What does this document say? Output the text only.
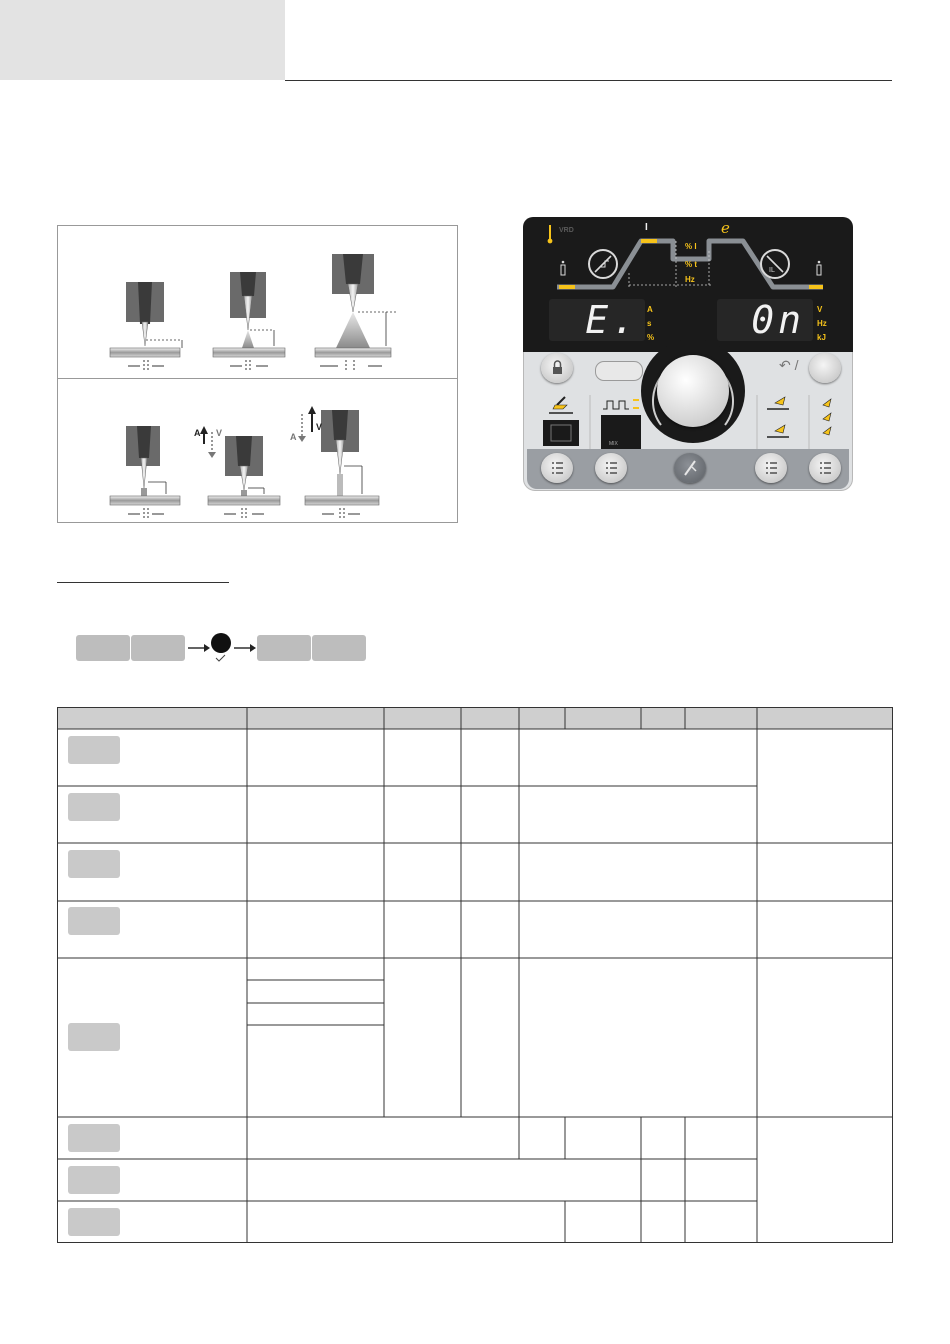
A V	A
V
IL
VRD	I
% I
% t
Hz
e
E. A
s
%	0n V
Hz
kJ
↶ /
MIX
